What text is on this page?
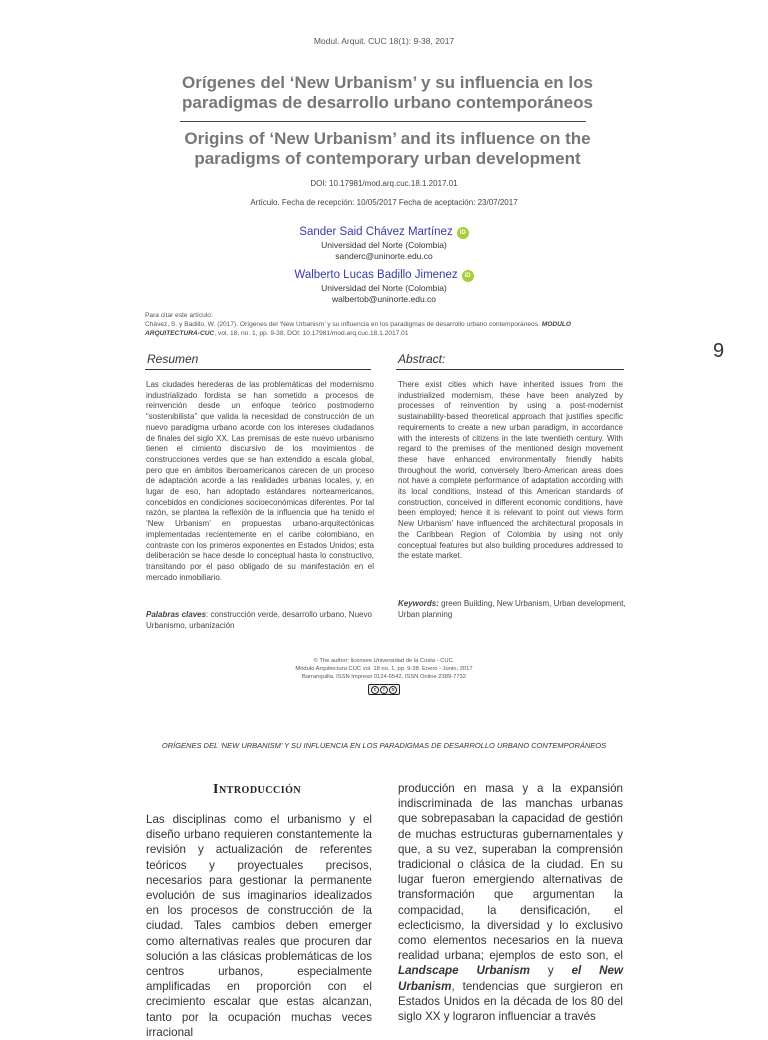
Modul. Arquit. CUC 18(1): 9-38, 2017
Orígenes del ‘New Urbanism’ y su influencia en los paradigmas de desarrollo urbano contemporáneos
Origins of ‘New Urbanism’ and its influence on the paradigms of contemporary urban development
DOI: 10.17981/mod.arq.cuc.18.1.2017.01
Artículo. Fecha de recepción: 10/05/2017 Fecha de aceptación: 23/07/2017
Sander Said Chávez Martínez iD
Universidad del Norte (Colombia)
sanderc@uninorte.edu.co
Walberto Lucas Badillo Jimenez iD
Universidad del Norte (Colombia)
walbertob@uninorte.edu.co
Para citar este artículo:
Chávez, S. y Badillo, W. (2017). Orígenes del ‘New Urbanism’ y su influencia en los paradigmas de desarrollo urbano contemporáneos. MODULO ARQUITECTURA-CUC, vol. 18, no. 1, pp. 9-38. DOI: 10.17981/mod.arq.cuc.18.1.2017.01
9
Resumen	Abstract:

Las ciudades herederas de las problemáticas del modernismo industrializado fordista se han sometido a procesos de reinvención desde un enfoque teórico postmoderno “sostenibilista” que valida la necesidad de construcción de un nuevo paradigma urbano acorde con los intereses ciudadanos de finales del siglo XX. Las premisas de este nuevo urbanismo tienen el cimiento discursivo de los movimientos de construcciones verdes que se han extendido a escala global, pero que en ámbitos iberoamericanos carecen de un proceso de adaptación acorde a las realidades urbanas locales, y, en lugar de eso, han adoptado estándares norteamericanos, concebidos en condiciones socioeconómicas diferentes. Por tal razón, se plantea la reflexión de la influencia que ha tenido el ‘New Urbanism’ en propuestas urbano-arquitectónicas implementadas recientemente en el caribe colombiano, en contraste con los primeros exponentes en Estados Unidos; esta deliberación se hace desde lo conceptual hasta lo constructivo, transitando por el paso obligado de su manifestación en el mercado inmobiliario.

There exist cities which have inherited issues from the industrialized modernism, these have been analyzed by processes of reinvention by using a post-modernist sustainability-based theoretical approach that justifies specific requirements to create a new urban paradigm, in accordance with the interests of citizens in the late twentieth century. With regard to the premises of the mentioned design movement these have enhanced environmentally friendly habits throughout the world, conversely Ibero-American areas does not have a complete performance of adaptation according with its local conditions, instead of this American standards of construction, conceived in different economic conditions, have been employed; hence it is relevant to point out views form New Urbanism’ have influenced the architectural proposals in the Caribbean Region of Colombia by using not only conceptual features but also building procedures addressed to the estate market.

Palabras claves: construcción verde, desarrollo urbano, Nuevo Urbanismo, urbanización
Keywords: green Building, New Urbanism, Urban development, Urban planning
© The author; licensee Universidad de la Costa - CUC.
Módulo Arquitectura CUC vol. 18 no. 1, pp. 9-38. Enero - Junio, 2017
Barranquilla. ISSN Impreso 0124-6542, ISSN Online 2389-7732
c	i	o
ORÍGENES DEL ‘NEW URBANISM’ Y SU INFLUENCIA EN LOS PARADIGMAS DE DESARROLLO URBANO CONTEMPORÁNEOS
Introducción

Las disciplinas como el urbanismo y el diseño urbano requieren constantemente la revisión y actualización de referentes teóricos y proyectuales precisos, necesarios para gestionar la permanente evolución de sus imaginarios idealizados en los procesos de construcción de la ciudad. Tales cambios deben emerger como alternativas reales que procuren dar solución a las clásicas problemáticas de los centros urbanos, especialmente amplificadas en proporción con el crecimiento escalar que estas alcanzan, tanto por la ocupación muchas veces irracional

producción en masa y a la expansión indiscriminada de las manchas urbanas que sobrepasaban la capacidad de gestión de muchas estructuras gubernamentales y que, a su vez, superaban la comprensión tradicional o clásica de la ciudad. En su lugar fueron emergiendo alternativas de transformación que argumentan la compacidad, la densificación, el eclecticismo, la diversidad y lo exclusivo como elementos necesarios en la nueva realidad urbana; ejemplos de esto son, el Landscape Urbanism y el New Urbanism, tendencias que surgieron en Estados Unidos en la década de los 80 del siglo XX y lograron influenciar a través
